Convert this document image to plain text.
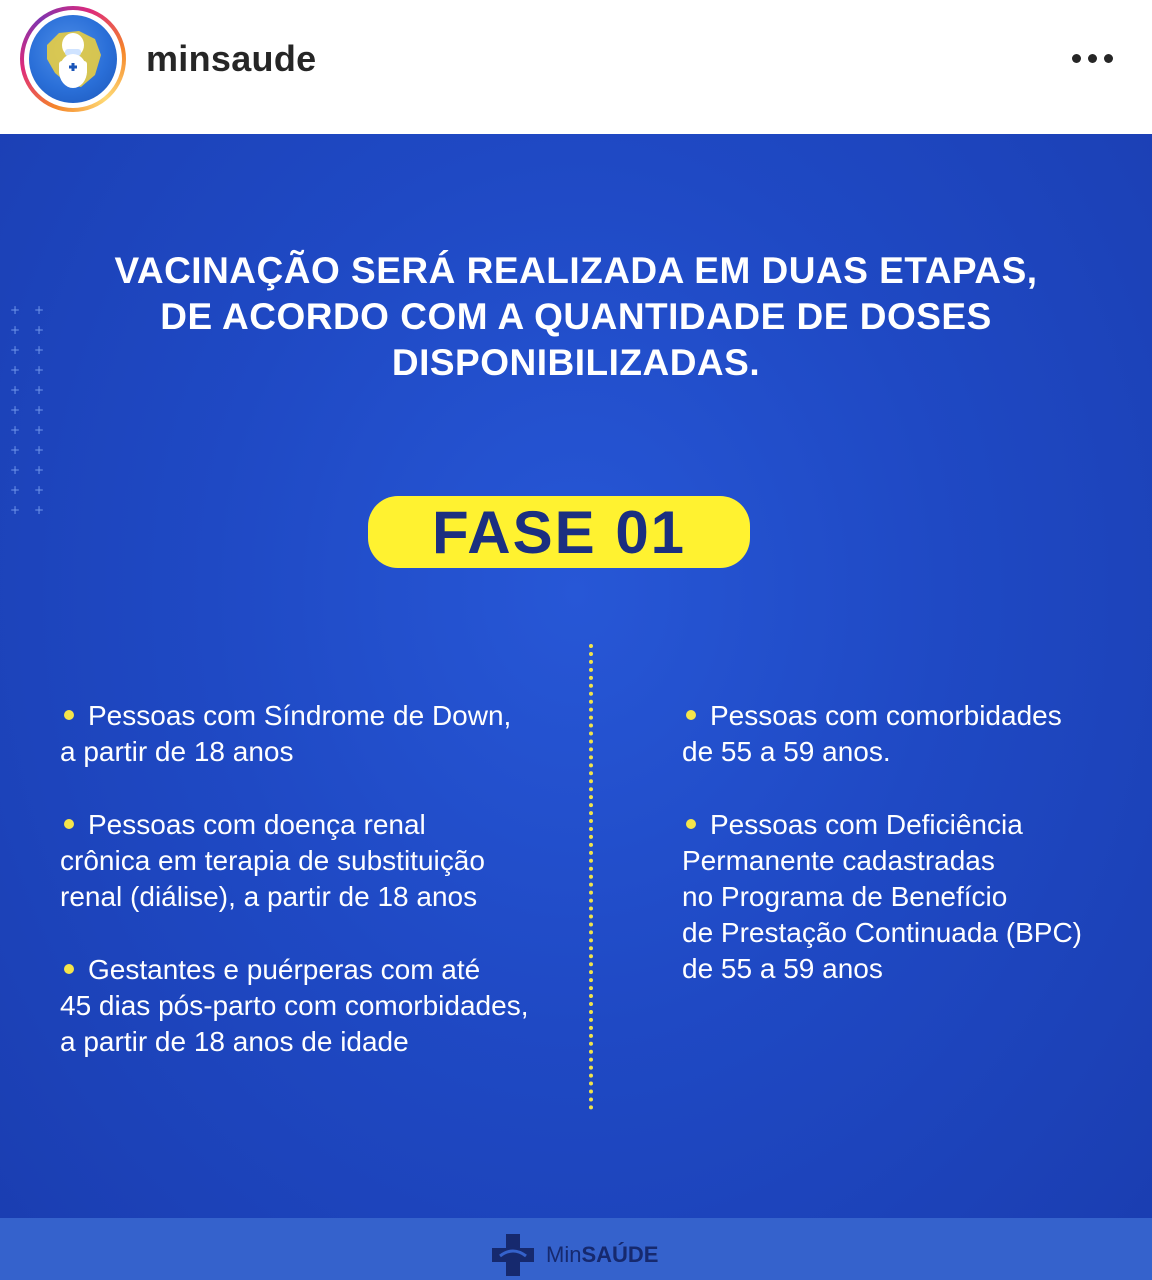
minsaude
+ +
+ +
+ +
+ +
+ +
+ +
+ +
+ +
+ +
+ +
+ +
VACINAÇÃO SERÁ REALIZADA EM DUAS ETAPAS,
DE ACORDO COM A QUANTIDADE DE DOSES
DISPONIBILIZADAS.
FASE 01
Pessoas com Síndrome de Down,
a partir de 18 anos
Pessoas com doença renal
crônica em terapia de substituição
renal (diálise), a partir de 18 anos
Gestantes e puérperas com até
45 dias pós-parto com comorbidades,
a partir de 18 anos de idade
Pessoas com comorbidades
de 55 a 59 anos.
Pessoas com Deficiência
Permanente cadastradas
no Programa de Benefício
de Prestação Continuada (BPC)
de 55 a 59 anos
MinSAÚDE
